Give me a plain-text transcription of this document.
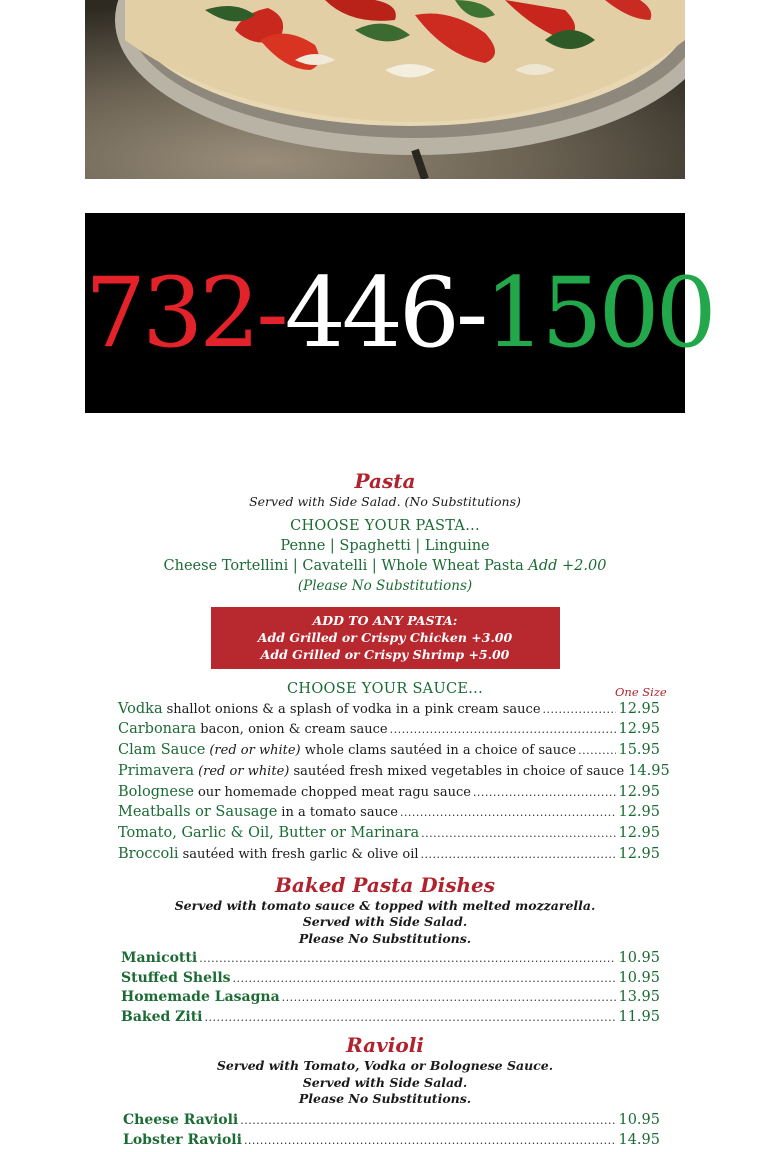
732-446-1500
Pasta
Served with Side Salad. (No Substitutions)
CHOOSE YOUR PASTA...
Penne | Spaghetti | Linguine
Cheese Tortellini | Cavatelli | Whole Wheat Pasta Add +2.00
(Please No Substitutions)
ADD TO ANY PASTA:
Add Grilled or Crispy Chicken +3.00
Add Grilled or Crispy Shrimp +5.00
CHOOSE YOUR SAUCE...	One Size
Vodka shallot onions & a splash of vodka in a pink cream sauce .....	12.95
Carbonara bacon, onion & cream sauce .....	12.95
Clam Sauce (red or white) whole clams sautéed in a choice of sauce .....	15.95
Primavera (red or white) sautéed fresh mixed vegetables in choice of sauce 14.95
Bolognese our homemade chopped meat ragu sauce .....	12.95
Meatballs or Sausage in a tomato sauce .....	12.95
Tomato, Garlic & Oil, Butter or Marinara .....	12.95
Broccoli sautéed with fresh garlic & olive oil .....	12.95
Baked Pasta Dishes
Served with tomato sauce & topped with melted mozzarella.
Served with Side Salad.
Please No Substitutions.
Manicotti .....	10.95
Stuffed Shells .....	10.95
Homemade Lasagna .....	13.95
Baked Ziti .....	11.95
Ravioli
Served with Tomato, Vodka or Bolognese Sauce.
Served with Side Salad.
Please No Substitutions.
Cheese Ravioli .....	10.95
Lobster Ravioli .....	14.95
